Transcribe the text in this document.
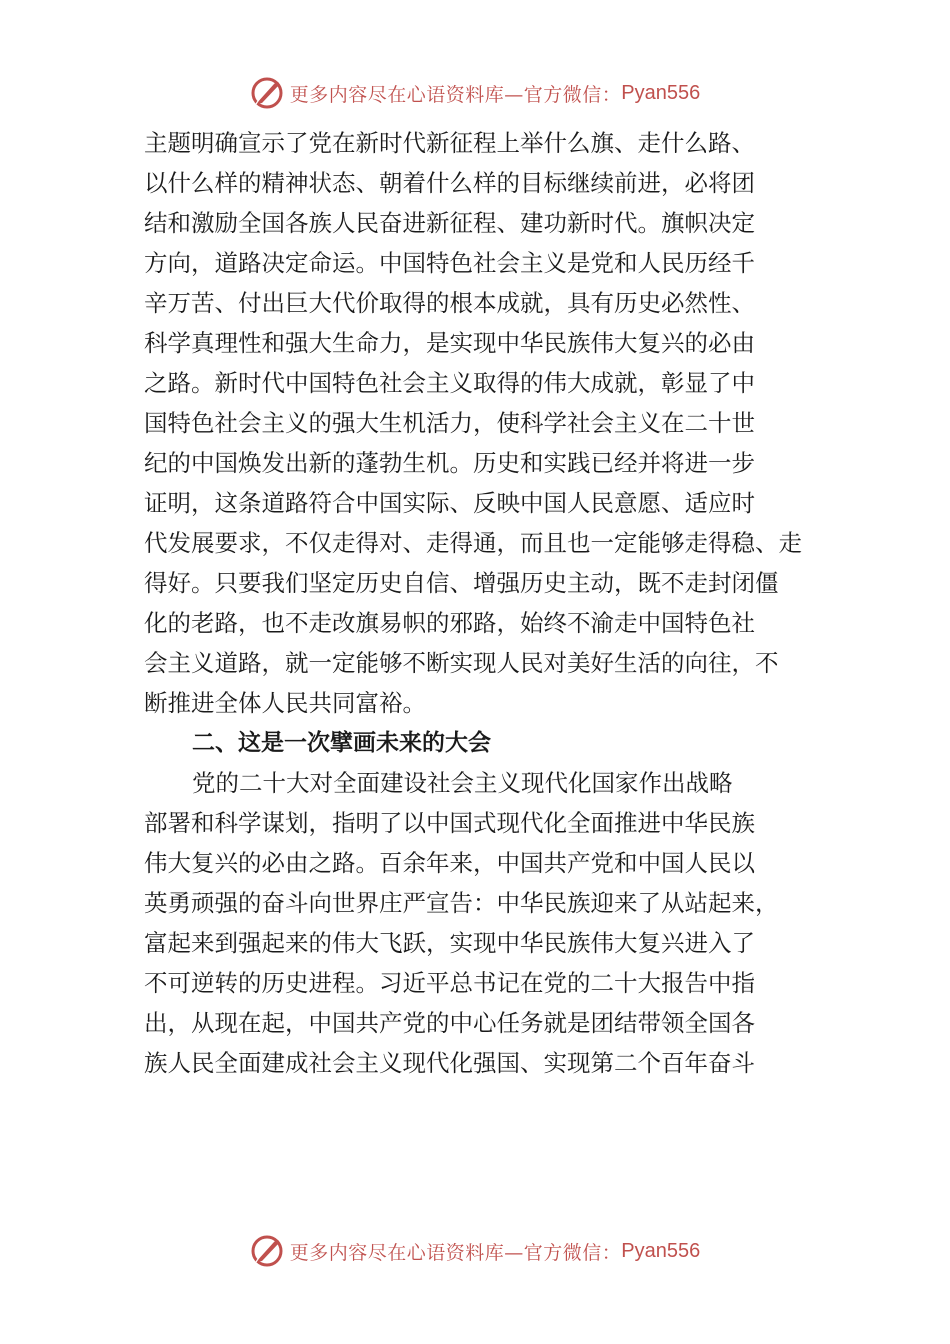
更多内容尽在心语资料库—官方微信： Pyan556
主题明确宣示了党在新时代新征程上举什么旗、走什么路、
以什么样的精神状态、朝着什么样的目标继续前进，必将团
结和激励全国各族人民奋进新征程、建功新时代。旗帜决定
方向，道路决定命运。中国特色社会主义是党和人民历经千
辛万苦、付出巨大代价取得的根本成就，具有历史必然性、
科学真理性和强大生命力，是实现中华民族伟大复兴的必由
之路。新时代中国特色社会主义取得的伟大成就，彰显了中
国特色社会主义的强大生机活力，使科学社会主义在二十世
纪的中国焕发出新的蓬勃生机。历史和实践已经并将进一步
证明，这条道路符合中国实际、反映中国人民意愿、适应时
代发展要求，不仅走得对、走得通，而且也一定能够走得稳、走
得好。只要我们坚定历史自信、增强历史主动，既不走封闭僵
化的老路，也不走改旗易帜的邪路，始终不渝走中国特色社
会主义道路，就一定能够不断实现人民对美好生活的向往，不
断推进全体人民共同富裕。
二、这是一次擘画未来的大会
党的二十大对全面建设社会主义现代化国家作出战略
部署和科学谋划，指明了以中国式现代化全面推进中华民族
伟大复兴的必由之路。百余年来，中国共产党和中国人民以
英勇顽强的奋斗向世界庄严宣告：中华民族迎来了从站起来，
富起来到强起来的伟大飞跃，实现中华民族伟大复兴进入了
不可逆转的历史进程。习近平总书记在党的二十大报告中指
出，从现在起，中国共产党的中心任务就是团结带领全国各
族人民全面建成社会主义现代化强国、实现第二个百年奋斗
更多内容尽在心语资料库—官方微信： Pyan556
